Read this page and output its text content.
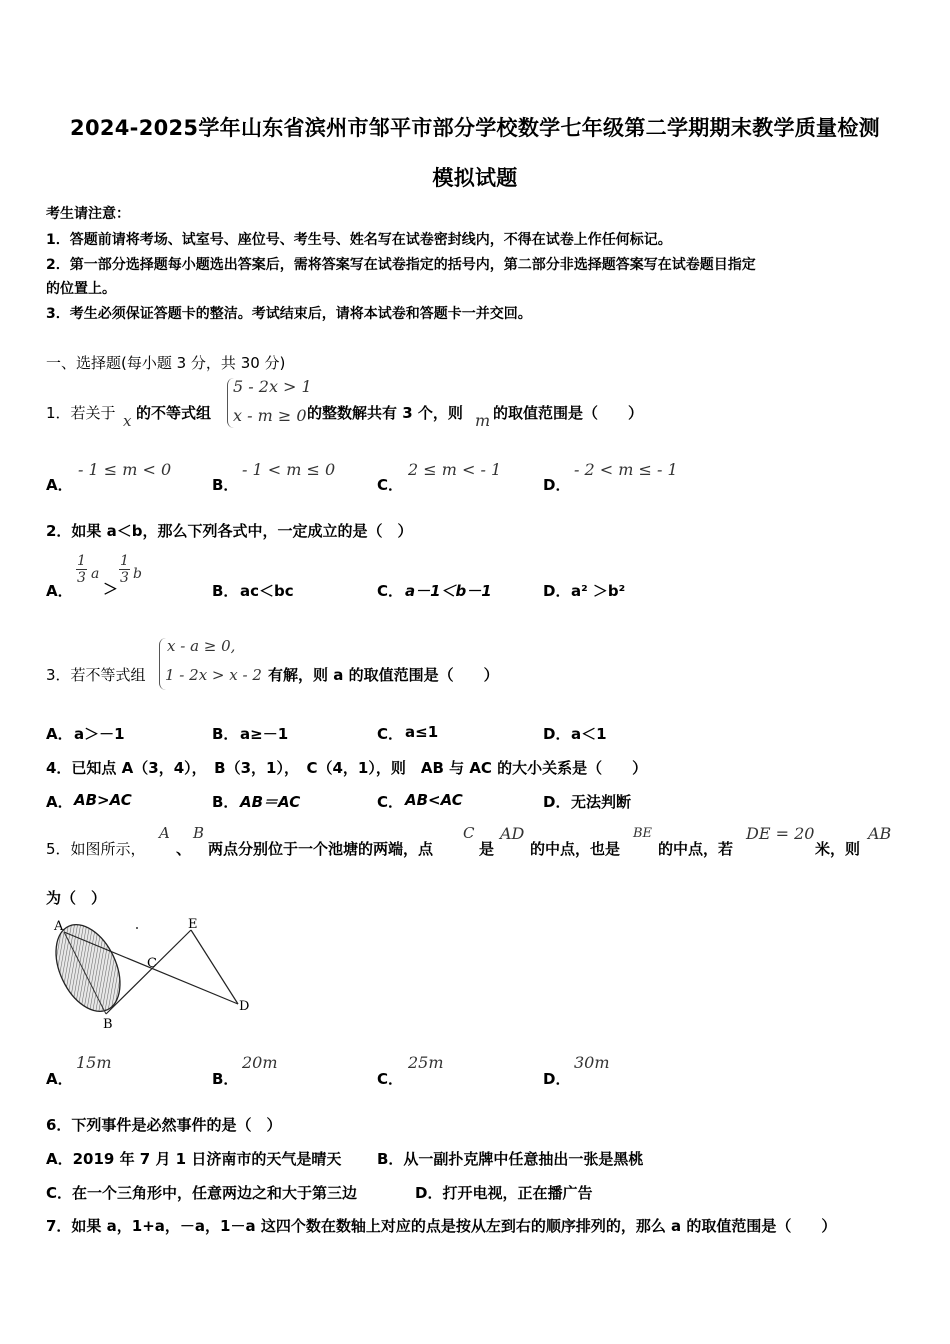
2024-2025学年山东省滨州市邹平市部分学校数学七年级第二学期期末教学质量检测
模拟试题
考生请注意：
1．答题前请将考场、试室号、座位号、考生号、姓名写在试卷密封线内，不得在试卷上作任何标记。
2．第一部分选择题每小题选出答案后，需将答案写在试卷指定的括号内，第二部分非选择题答案写在试卷题目指定
的位置上。
3．考生必须保证答题卡的整洁。考试结束后，请将本试卷和答题卡一并交回。
一、选择题(每小题 3 分，共 30 分)
1．若关于 x 的不等式组
5 - 2x > 1
x - m ≥ 0 的整数解共有 3 个，则 m 的取值范围是（　　）
A．
- 1 ≤ m < 0
B．
- 1 < m ≤ 0
C．
2 ≤ m < - 1
D．
- 2 < m ≤ - 1
2．如果 a＜b，那么下列各式中，一定成立的是（　）
A．
$\frac{1}{3}$ a
＞
$\frac{1}{3}$ b
B． ac＜bc	C． a－1＜b－1	D． a² ＞b²
3．若不等式组
x - a ≥ 0,
1 - 2x > x - 2 有解，则 a 的取值范围是（　　）
A． a＞－1	B． a≥－1	C． a≤1	D． a＜1
4．已知点 A（3，4），　B（3，1），　C（4，1），则　AB 与 AC 的大小关系是（　　）
A． AB>AC	B． AB＝AC	C． AB<AC	D． 无法判断
5．如图所示，
A
、
B
两点分别位于一个池塘的两端，点
C
是
AD
的中点，也是
BE
的中点，若
DE = 20
米，则
AB
为（　）
A
B
C
D
E
A．
15m
B．
20m
C．
25m
D．
30m
6．下列事件是必然事件的是（　）
A．2019 年 7 月 1 日济南市的天气是晴天 B．从一副扑克牌中任意抽出一张是黑桃
C．在一个三角形中，任意两边之和大于第三边	D．打开电视，正在播广告
7．如果 a，1+a，－a，1－a 这四个数在数轴上对应的点是按从左到右的顺序排列的，那么 a 的取值范围是（　　）
